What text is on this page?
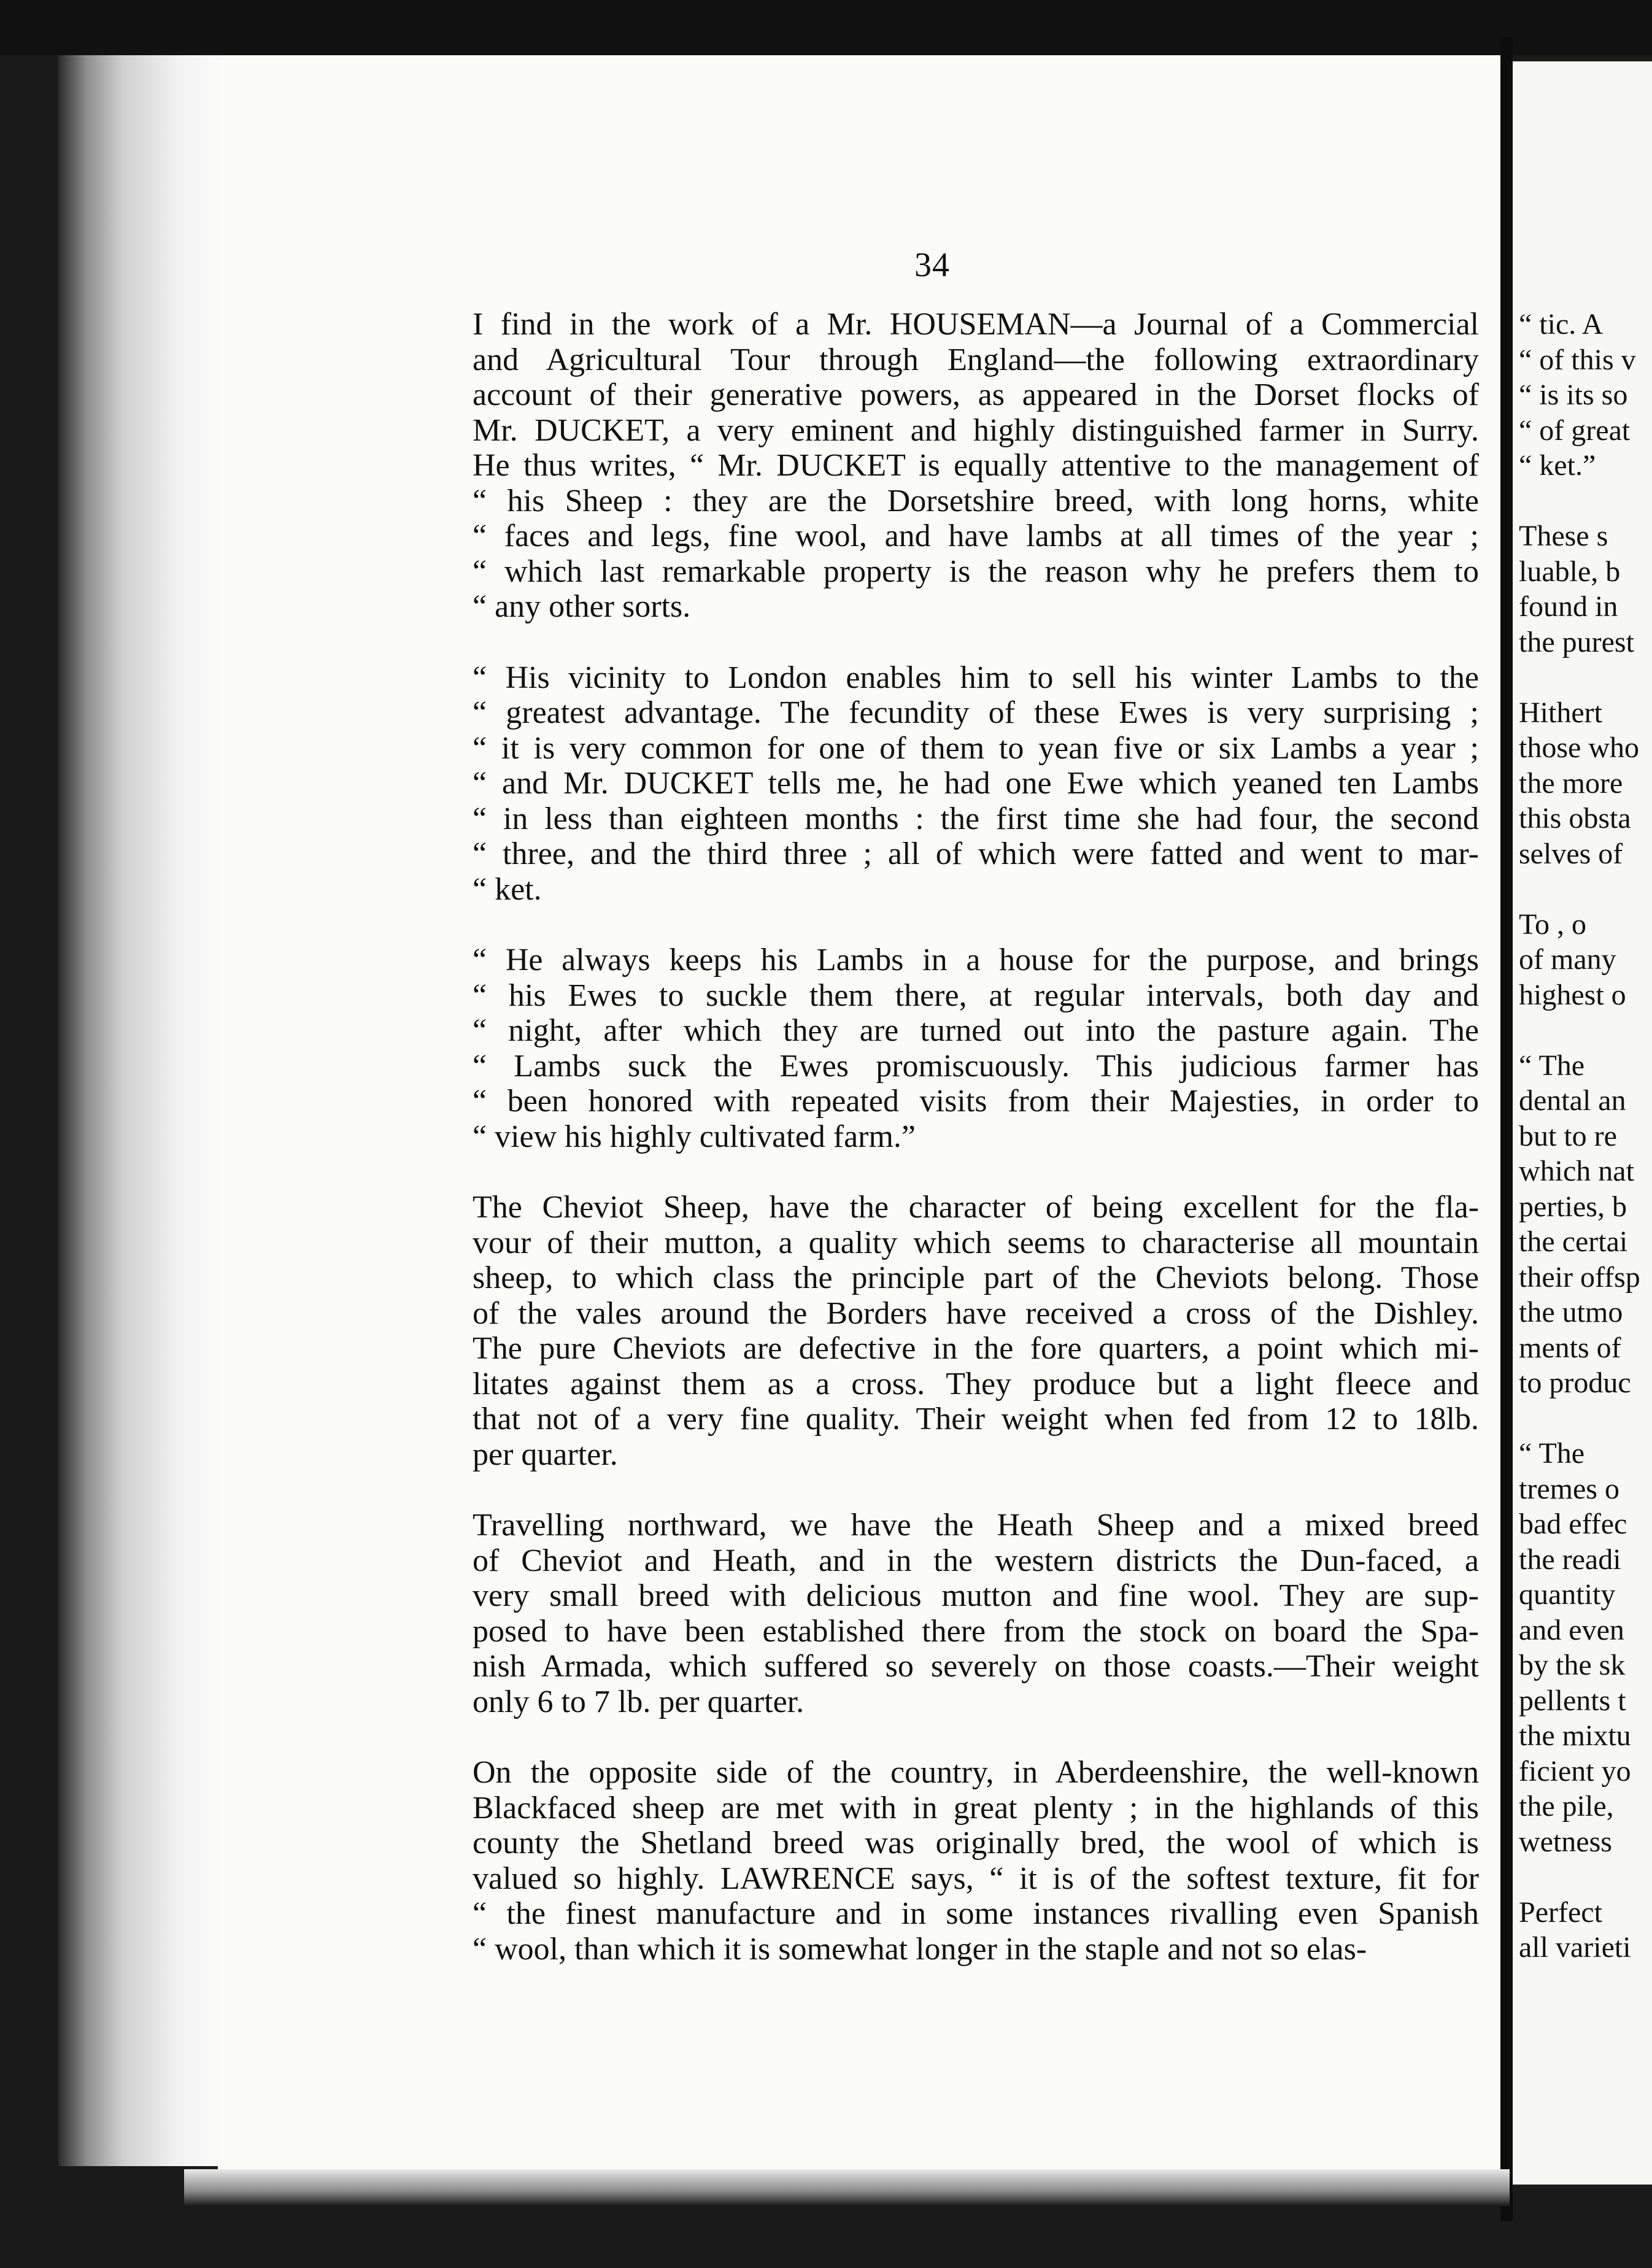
34
I find in the work of a Mr. HOUSEMAN—a Journal of a Commercial
and Agricultural Tour through England—the following extraordinary
account of their generative powers, as appeared in the Dorset flocks of
Mr. DUCKET, a very eminent and highly distinguished farmer in Surry.
He thus writes, “ Mr. DUCKET is equally attentive to the management of
“ his Sheep : they are the Dorsetshire breed, with long horns, white
“ faces and legs, fine wool, and have lambs at all times of the year ;
“ which last remarkable property is the reason why he prefers them to
“ any other sorts.
“ His vicinity to London enables him to sell his winter Lambs to the
“ greatest advantage. The fecundity of these Ewes is very surprising ;
“ it is very common for one of them to yean five or six Lambs a year ;
“ and Mr. DUCKET tells me, he had one Ewe which yeaned ten Lambs
“ in less than eighteen months : the first time she had four, the second
“ three, and the third three ; all of which were fatted and went to mar-
“ ket.
“ He always keeps his Lambs in a house for the purpose, and brings
“ his Ewes to suckle them there, at regular intervals, both day and
“ night, after which they are turned out into the pasture again. The
“ Lambs suck the Ewes promiscuously. This judicious farmer has
“ been honored with repeated visits from their Majesties, in order to
“ view his highly cultivated farm.”
The Cheviot Sheep, have the character of being excellent for the fla-
vour of their mutton, a quality which seems to characterise all mountain
sheep, to which class the principle part of the Cheviots belong. Those
of the vales around the Borders have received a cross of the Dishley.
The pure Cheviots are defective in the fore quarters, a point which mi-
litates against them as a cross. They produce but a light fleece and
that not of a very fine quality. Their weight when fed from 12 to 18lb.
per quarter.
Travelling northward, we have the Heath Sheep and a mixed breed
of Cheviot and Heath, and in the western districts the Dun-faced, a
very small breed with delicious mutton and fine wool. They are sup-
posed to have been established there from the stock on board the Spa-
nish Armada, which suffered so severely on those coasts.—Their weight
only 6 to 7 lb. per quarter.
On the opposite side of the country, in Aberdeenshire, the well-known
Blackfaced sheep are met with in great plenty ; in the highlands of this
county the Shetland breed was originally bred, the wool of which is
valued so highly. LAWRENCE says, “ it is of the softest texture, fit for
“ the finest manufacture and in some instances rivalling even Spanish
“ wool, than which it is somewhat longer in the staple and not so elas-
“ tic. A
“ of this v
“ is its so
“ of great
“ ket.”

These s
luable, b
found in
the purest

Hithert
those who
the more
this obsta
selves of

To , o
of many
highest o

“ The
dental an
but to re
which nat
perties, b
the certai
their offsp
the utmo
ments of
to produc

“ The
tremes o
bad effec
the readi
quantity
and even
by the sk
pellents t
the mixtu
ficient yo
the pile,
wetness

Perfect
all varieti
